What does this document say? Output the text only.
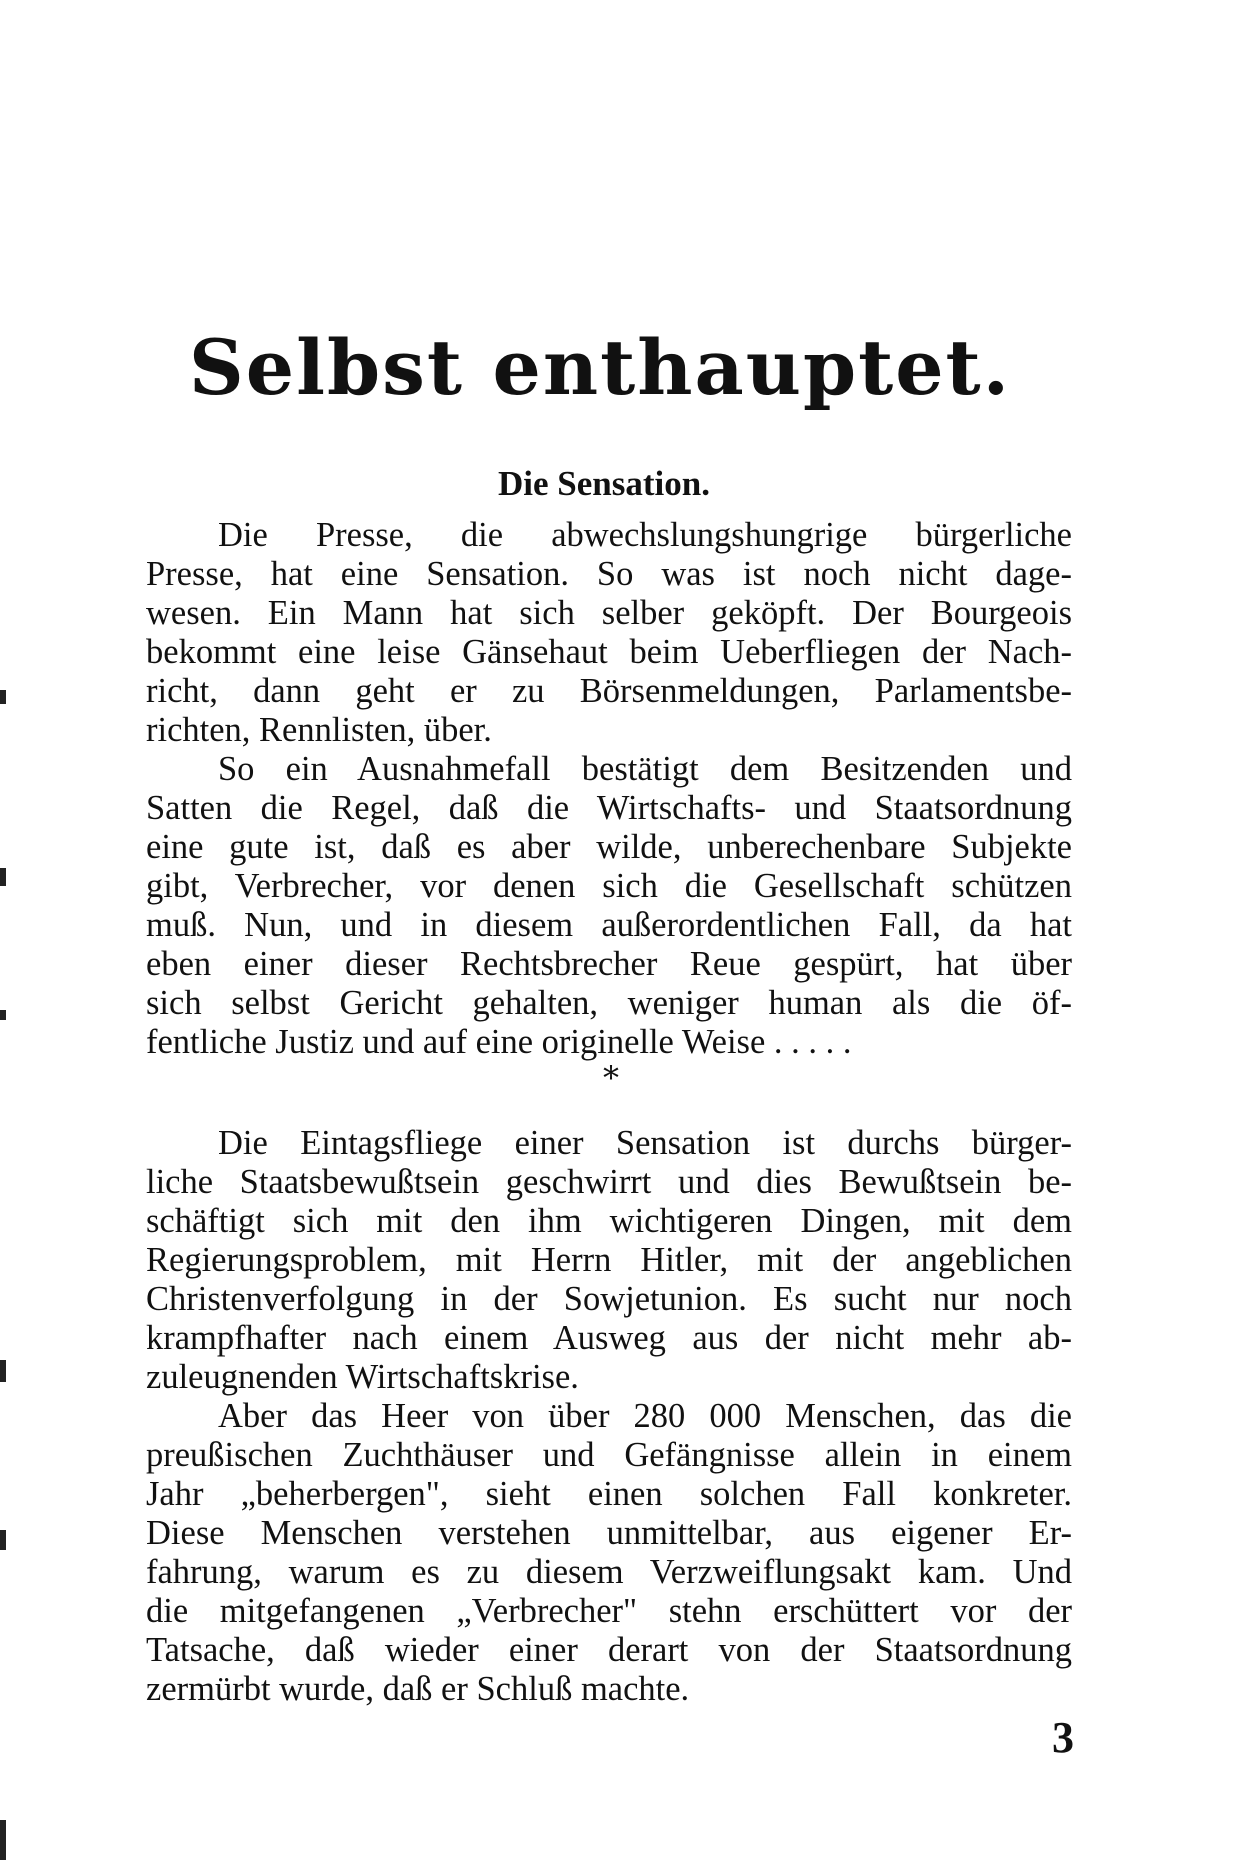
Selbst enthauptet.
Die Sensation.
Die Presse, die abwechslungshungrige bürgerliche
Presse, hat eine Sensation. So was ist noch nicht dage-
wesen. Ein Mann hat sich selber geköpft. Der Bourgeois
bekommt eine leise Gänsehaut beim Ueberfliegen der Nach-
richt, dann geht er zu Börsenmeldungen, Parlamentsbe-
richten, Rennlisten, über.
So ein Ausnahmefall bestätigt dem Besitzenden und
Satten die Regel, daß die Wirtschafts- und Staatsordnung
eine gute ist, daß es aber wilde, unberechenbare Subjekte
gibt, Verbrecher, vor denen sich die Gesellschaft schützen
muß. Nun, und in diesem außerordentlichen Fall, da hat
eben einer dieser Rechtsbrecher Reue gespürt, hat über
sich selbst Gericht gehalten, weniger human als die öf-
fentliche Justiz und auf eine originelle Weise . . . . .
*
Die Eintagsfliege einer Sensation ist durchs bürger-
liche Staatsbewußtsein geschwirrt und dies Bewußtsein be-
schäftigt sich mit den ihm wichtigeren Dingen, mit dem
Regierungsproblem, mit Herrn Hitler, mit der angeblichen
Christenverfolgung in der Sowjetunion. Es sucht nur noch
krampfhafter nach einem Ausweg aus der nicht mehr ab-
zuleugnenden Wirtschaftskrise.
Aber das Heer von über 280 000 Menschen, das die
preußischen Zuchthäuser und Gefängnisse allein in einem
Jahr „beherbergen", sieht einen solchen Fall konkreter.
Diese Menschen verstehen unmittelbar, aus eigener Er-
fahrung, warum es zu diesem Verzweiflungsakt kam. Und
die mitgefangenen „Verbrecher" stehn erschüttert vor der
Tatsache, daß wieder einer derart von der Staatsordnung
zermürbt wurde, daß er Schluß machte.
3
